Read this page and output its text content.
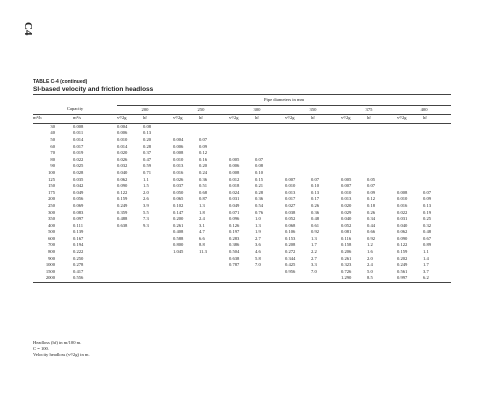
C4
TABLE C-4 (continued)
SI-based velocity and friction headloss
		Pipe diameters in mm											

Capacity		200		250		300		350		375		400	

m³/h	m³/s	v²/2g	hf	v²/2g	hf	v²/2g	hf	v²/2g	hf	v²/2g	hf	v²/2g	hf
30	0.008	0.004	0.08										
40	0.011	0.006	0.13										
50	0.014	0.010	0.20	0.004	0.07								
60	0.017	0.014	0.28	0.006	0.09								
70	0.019	0.020	0.37	0.008	0.12								
80	0.022	0.026	0.47	0.010	0.16	0.005	0.07						
90	0.025	0.032	0.59	0.013	0.20	0.006	0.08						
100	0.028	0.040	0.71	0.016	0.24	0.008	0.10						
125	0.035	0.062	1.1	0.026	0.36	0.012	0.15	0.007	0.07	0.005	0.05		
150	0.042	0.090	1.5	0.037	0.51	0.018	0.21	0.010	0.10	0.007	0.07		
175	0.049	0.122	2.0	0.050	0.68	0.024	0.28	0.013	0.13	0.010	0.09	0.008	0.07
200	0.056	0.159	2.6	0.065	0.87	0.031	0.36	0.017	0.17	0.013	0.12	0.010	0.09
250	0.069	0.249	3.9	0.102	1.3	0.049	0.54	0.027	0.26	0.020	0.18	0.016	0.13
300	0.083	0.359	5.5	0.147	1.8	0.071	0.76	0.038	0.36	0.029	0.26	0.022	0.19
350	0.097	0.488	7.3	0.200	2.4	0.096	1.0	0.052	0.48	0.040	0.34	0.031	0.25
400	0.111	0.638	9.3	0.261	3.1	0.126	1.3	0.068	0.61	0.052	0.44	0.040	0.32
500	0.139			0.408	4.7	0.197	1.9	0.106	0.92	0.081	0.66	0.062	0.48
600	0.167			0.588	6.6	0.283	2.7	0.153	1.3	0.116	0.92	0.090	0.67
700	0.194			0.800	8.8	0.386	3.6	0.208	1.7	0.158	1.2	0.122	0.89
800	0.222			1.045	11.3	0.504	4.6	0.272	2.2	0.206	1.6	0.159	1.1
900	0.250					0.638	5.8	0.344	2.7	0.261	2.0	0.202	1.4
1000	0.278					0.787	7.0	0.425	3.3	0.323	2.4	0.249	1.7
1500	0.417							0.956	7.0	0.726	5.0	0.561	3.7
2000	0.556									1.290	8.5	0.997	6.2
Headloss (hf) in m/100 m.
C = 100.
Velocity headloss (v²/2g) in m.
